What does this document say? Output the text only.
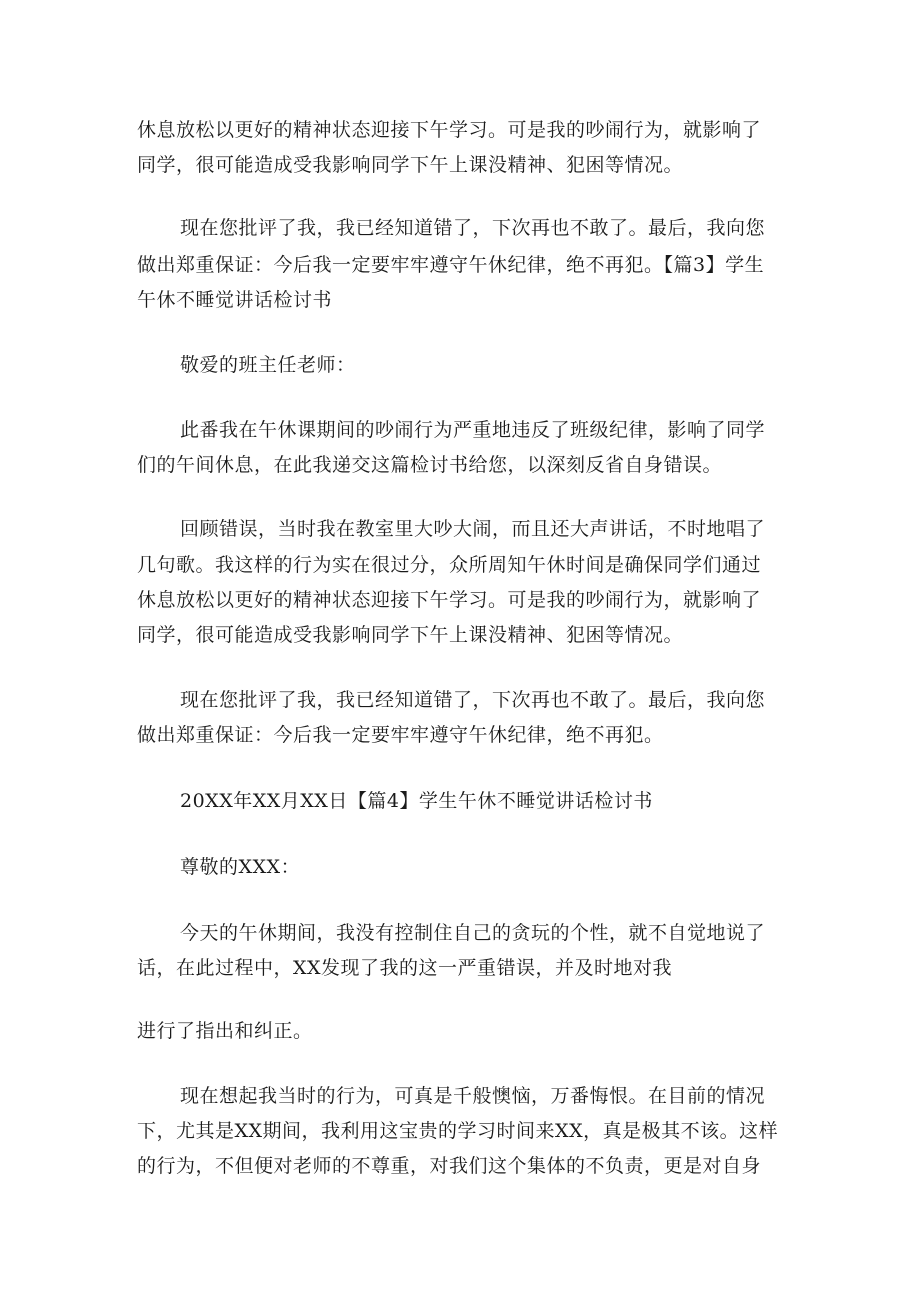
休息放松以更好的精神状态迎接下午学习。可是我的吵闹行为，就影响了
同学，很可能造成受我影响同学下午上课没精神、犯困等情况。
现在您批评了我，我已经知道错了，下次再也不敢了。最后，我向您
做出郑重保证：今后我一定要牢牢遵守午休纪律，绝不再犯。【篇3】学生
午休不睡觉讲话检讨书
敬爱的班主任老师：
此番我在午休课期间的吵闹行为严重地违反了班级纪律，影响了同学
们的午间休息，在此我递交这篇检讨书给您，以深刻反省自身错误。
回顾错误，当时我在教室里大吵大闹，而且还大声讲话，不时地唱了
几句歌。我这样的行为实在很过分，众所周知午休时间是确保同学们通过
休息放松以更好的精神状态迎接下午学习。可是我的吵闹行为，就影响了
同学，很可能造成受我影响同学下午上课没精神、犯困等情况。
现在您批评了我，我已经知道错了，下次再也不敢了。最后，我向您
做出郑重保证：今后我一定要牢牢遵守午休纪律，绝不再犯。
20XX年XX月XX日【篇4】学生午休不睡觉讲话检讨书
尊敬的XXX：
今天的午休期间，我没有控制住自己的贪玩的个性，就不自觉地说了
话，在此过程中，XX发现了我的这一严重错误，并及时地对我
进行了指出和纠正。
现在想起我当时的行为，可真是千般懊恼，万番悔恨。在目前的情况
下，尤其是XX期间，我利用这宝贵的学习时间来XX，真是极其不该。这样
的行为，不但便对老师的不尊重，对我们这个集体的不负责，更是对自身
